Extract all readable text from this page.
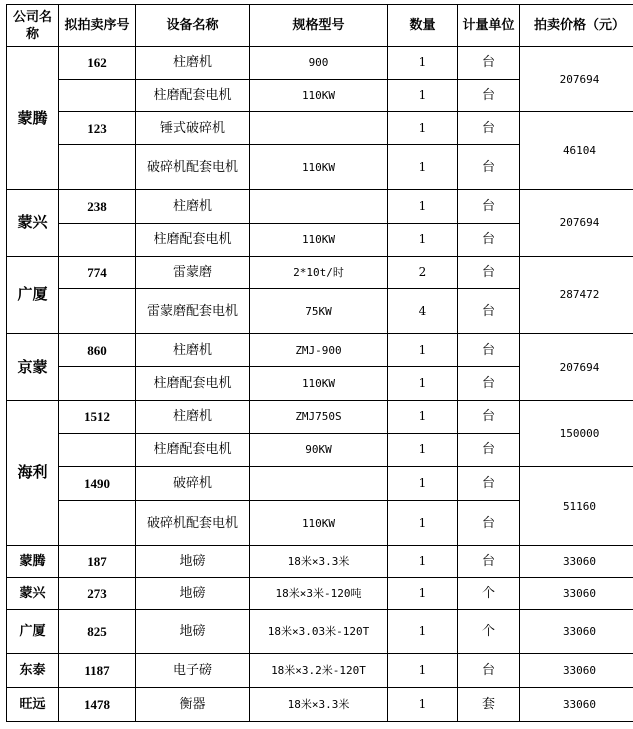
公司名称	拟拍卖序号	设备名称	规格型号	数量	计量单位	拍卖价格（元）
蒙腾	162	柱磨机	900	1	台	207694
		柱磨配套电机	110KW	1	台	
	123	锤式破碎机		1	台	46104
		破碎机配套电机	110KW	1	台	
蒙兴	238	柱磨机		1	台	207694
		柱磨配套电机	110KW	1	台	
广厦	774	雷蒙磨	2*10t/时	2	台	287472
		雷蒙磨配套电机	75KW	4	台	
京蒙	860	柱磨机	ZMJ-900	1	台	207694
		柱磨配套电机	110KW	1	台	
海利	1512	柱磨机	ZMJ750S	1	台	150000
		柱磨配套电机	90KW	1	台	
	1490	破碎机		1	台	51160
		破碎机配套电机	110KW	1	台	
蒙腾	187	地磅	18米×3.3米	1	台	33060
蒙兴	273	地磅	18米×3米-120吨	1	个	33060
广厦	825	地磅	18米×3.03米-120T	1	个	33060
东泰	1187	电子磅	18米×3.2米-120T	1	台	33060
旺远	1478	衡器	18米×3.3米	1	套	33060
